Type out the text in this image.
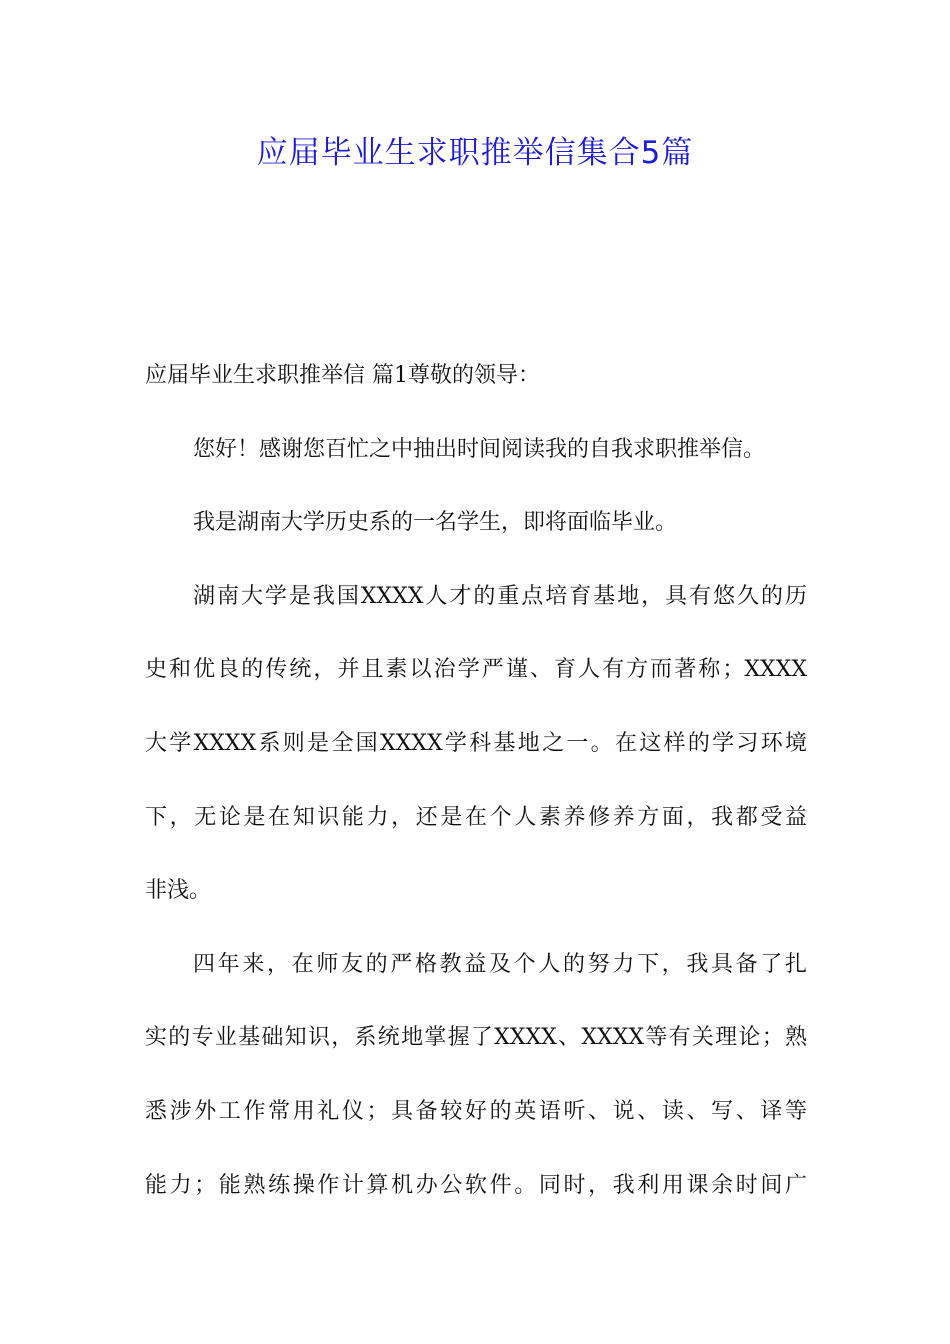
应届毕业生求职推举信集合5篇
应届毕业生求职推举信 篇1尊敬的领导：
您好！感谢您百忙之中抽出时间阅读我的自我求职推举信。
我是湖南大学历史系的一名学生，即将面临毕业。
湖南大学是我国XXXX人才的重点培育基地，具有悠久的历
史和优良的传统，并且素以治学严谨、育人有方而著称；XXXX
大学XXXX系则是全国XXXX学科基地之一。在这样的学习环境
下，无论是在知识能力，还是在个人素养修养方面，我都受益
非浅。
四年来，在师友的严格教益及个人的努力下，我具备了扎
实的专业基础知识，系统地掌握了XXXX、XXXX等有关理论；熟
悉涉外工作常用礼仪；具备较好的英语听、说、读、写、译等
能力；能熟练操作计算机办公软件。同时，我利用课余时间广
